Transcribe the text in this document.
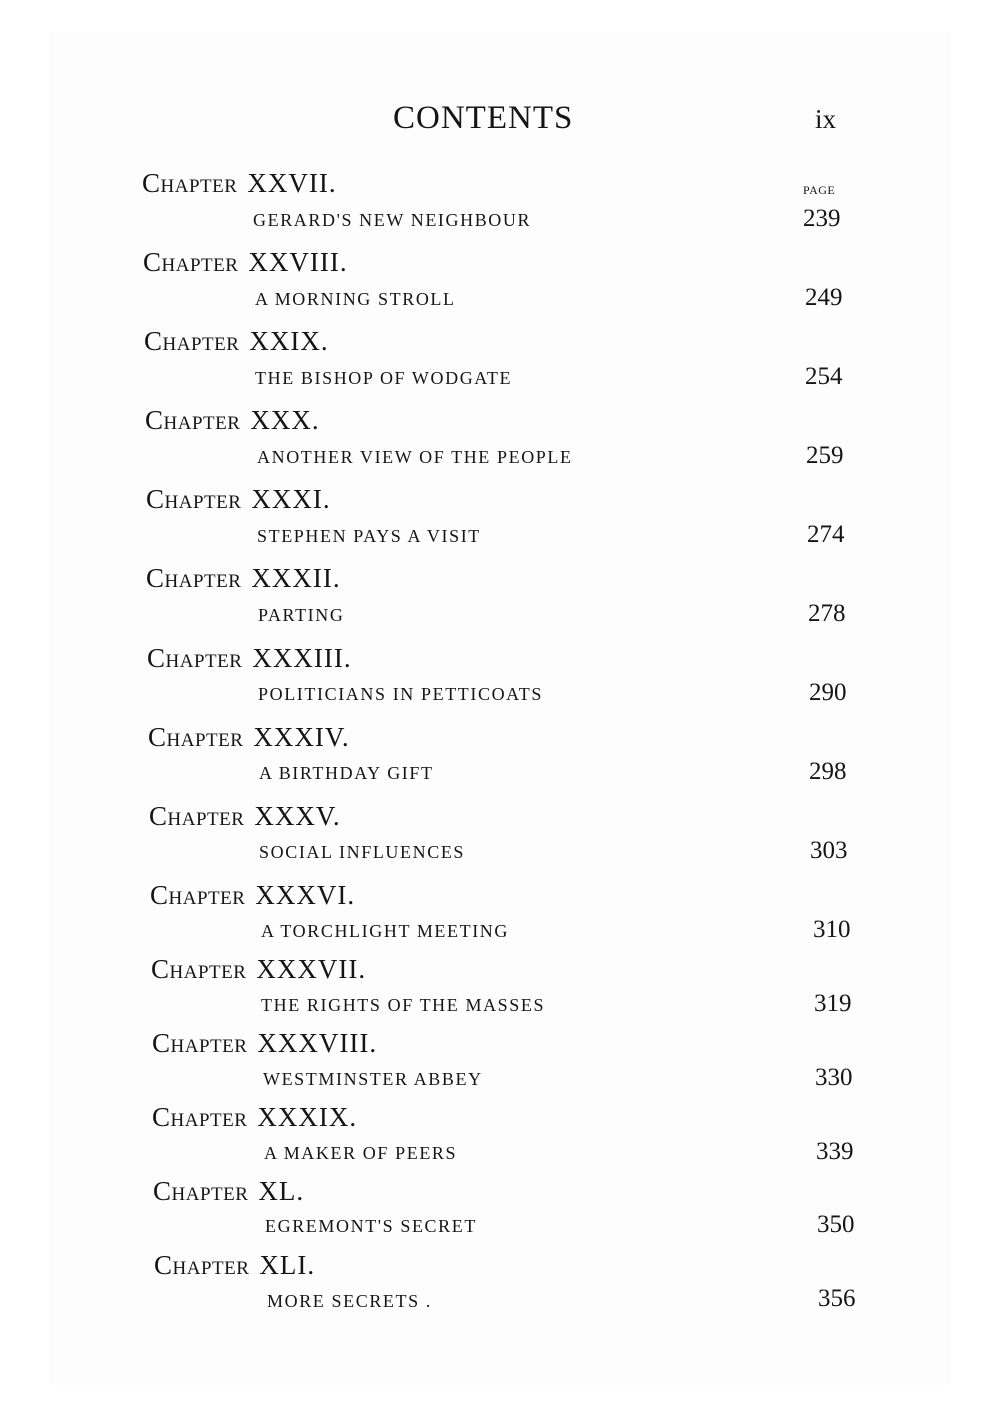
CONTENTS	ix
PAGE
Chapter XXVII.
GERARD'S NEW NEIGHBOUR	239
Chapter XXVIII.
A MORNING STROLL	249
Chapter XXIX.
THE BISHOP OF WODGATE	254
Chapter XXX.
ANOTHER VIEW OF THE PEOPLE	259
Chapter XXXI.
STEPHEN PAYS A VISIT	274
Chapter XXXII.
PARTING	278
Chapter XXXIII.
POLITICIANS IN PETTICOATS	290
Chapter XXXIV.
A BIRTHDAY GIFT	298
Chapter XXXV.
SOCIAL INFLUENCES	303
Chapter XXXVI.
A TORCHLIGHT MEETING	310
Chapter XXXVII.
THE RIGHTS OF THE MASSES	319
Chapter XXXVIII.
WESTMINSTER ABBEY	330
Chapter XXXIX.
A MAKER OF PEERS	339
Chapter XL.
EGREMONT'S SECRET	350
Chapter XLI.
MORE SECRETS .	356
